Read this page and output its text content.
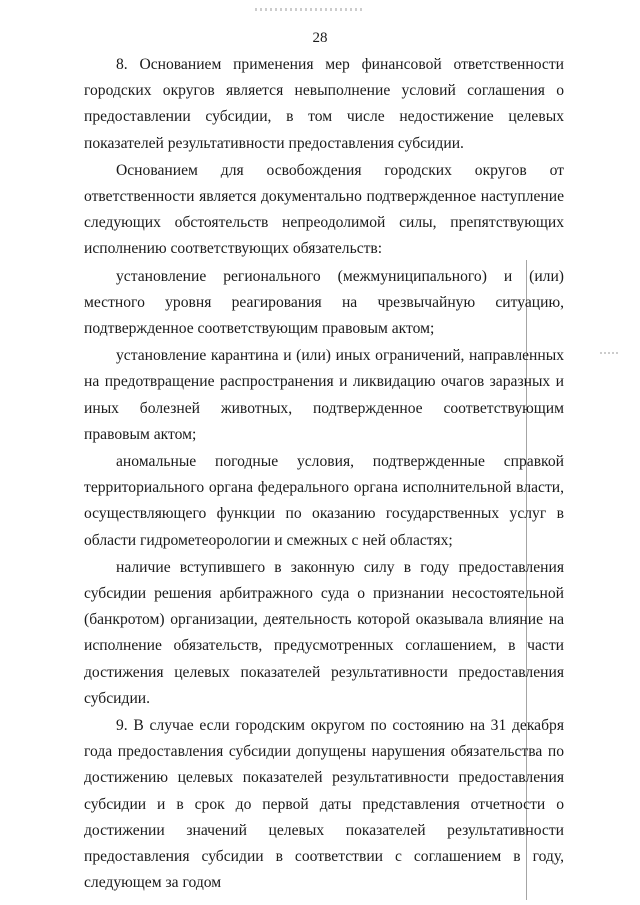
28

8. Основанием применения мер финансовой ответственности городских округов является невыполнение условий соглашения о предоставлении субсидии, в том числе недостижение целевых показателей результативности предоставления субсидии.

Основанием для освобождения городских округов от ответственности является документально подтвержденное наступление следующих обстоятельств непреодолимой силы, препятствующих исполнению соответствующих обязательств:

установление регионального (межмуниципального) и (или) местного уровня реагирования на чрезвычайную ситуацию, подтвержденное соответствующим правовым актом;

установление карантина и (или) иных ограничений, направленных на предотвращение распространения и ликвидацию очагов заразных и иных болезней животных, подтвержденное соответствующим правовым актом;

аномальные погодные условия, подтвержденные справкой территориального органа федерального органа исполнительной власти, осуществляющего функции по оказанию государственных услуг в области гидрометеорологии и смежных с ней областях;

наличие вступившего в законную силу в году предоставления субсидии решения арбитражного суда о признании несостоятельной (банкротом) организации, деятельность которой оказывала влияние на исполнение обязательств, предусмотренных соглашением, в части достижения целевых показателей результативности предоставления субсидии.

9. В случае если городским округом по состоянию на 31 декабря года предоставления субсидии допущены нарушения обязательства по достижению целевых показателей результативности предоставления субсидии и в срок до первой даты представления отчетности о достижении значений целевых показателей результативности предоставления субсидии в соответствии с соглашением в году, следующем за годом
